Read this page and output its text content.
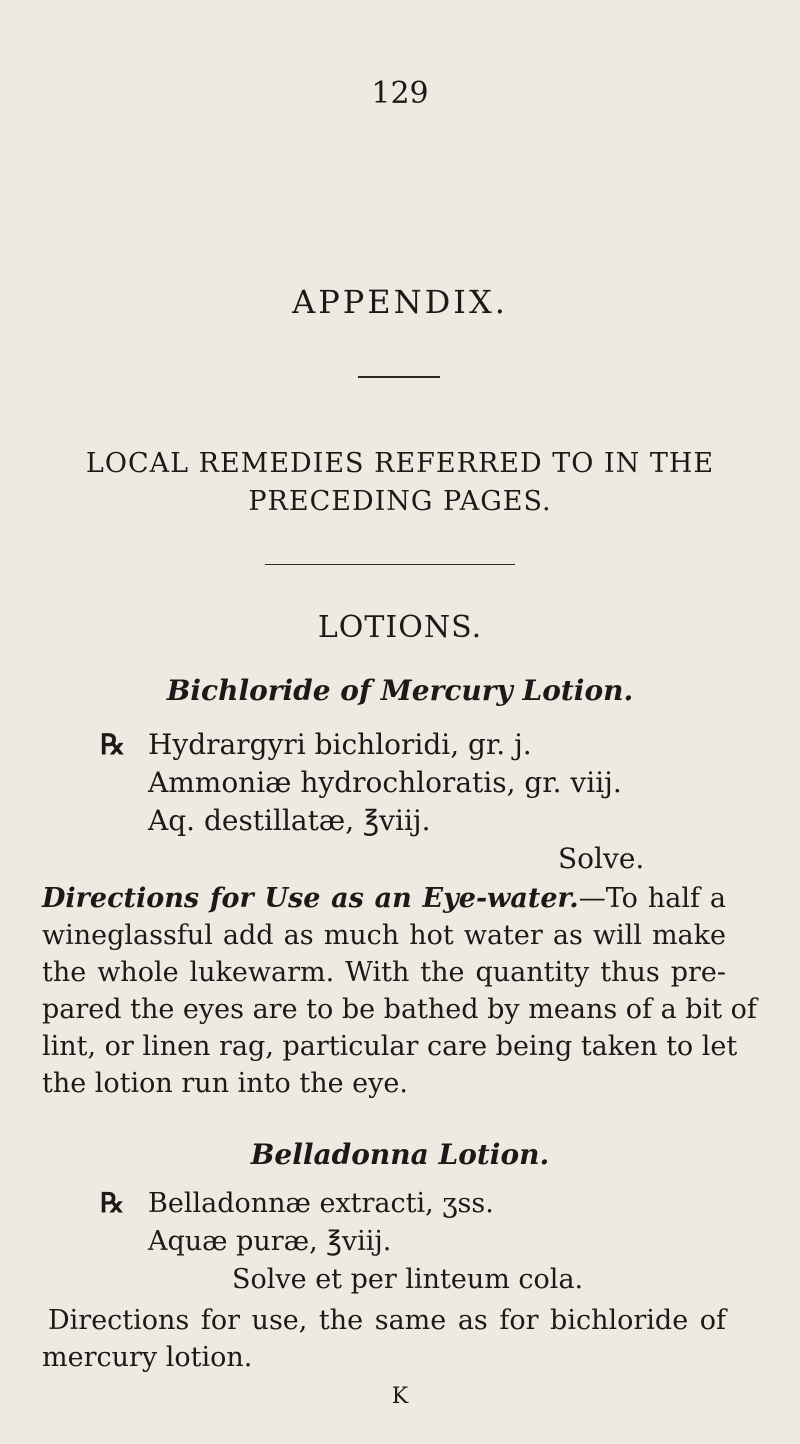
129
APPENDIX.
LOCAL REMEDIES REFERRED TO IN THE
PRECEDING PAGES.
LOTIONS.
Bichloride of Mercury Lotion.
℞ Hydrargyri bichloridi, gr. j.
Ammoniæ hydrochloratis, gr. viij.
Aq. destillatæ, ℥viij.
Solve.
Directions for Use as an Eye-water.—To half a
wineglassful add as much hot water as will make
the whole lukewarm. With the quantity thus pre-
pared the eyes are to be bathed by means of a bit of
lint, or linen rag, particular care being taken to let
the lotion run into the eye.
Belladonna Lotion.
℞ Belladonnæ extracti, ʒss.
Aquæ puræ, ℥viij.
Solve et per linteum cola.
Directions for use, the same as for bichloride of
mercury lotion.
K
